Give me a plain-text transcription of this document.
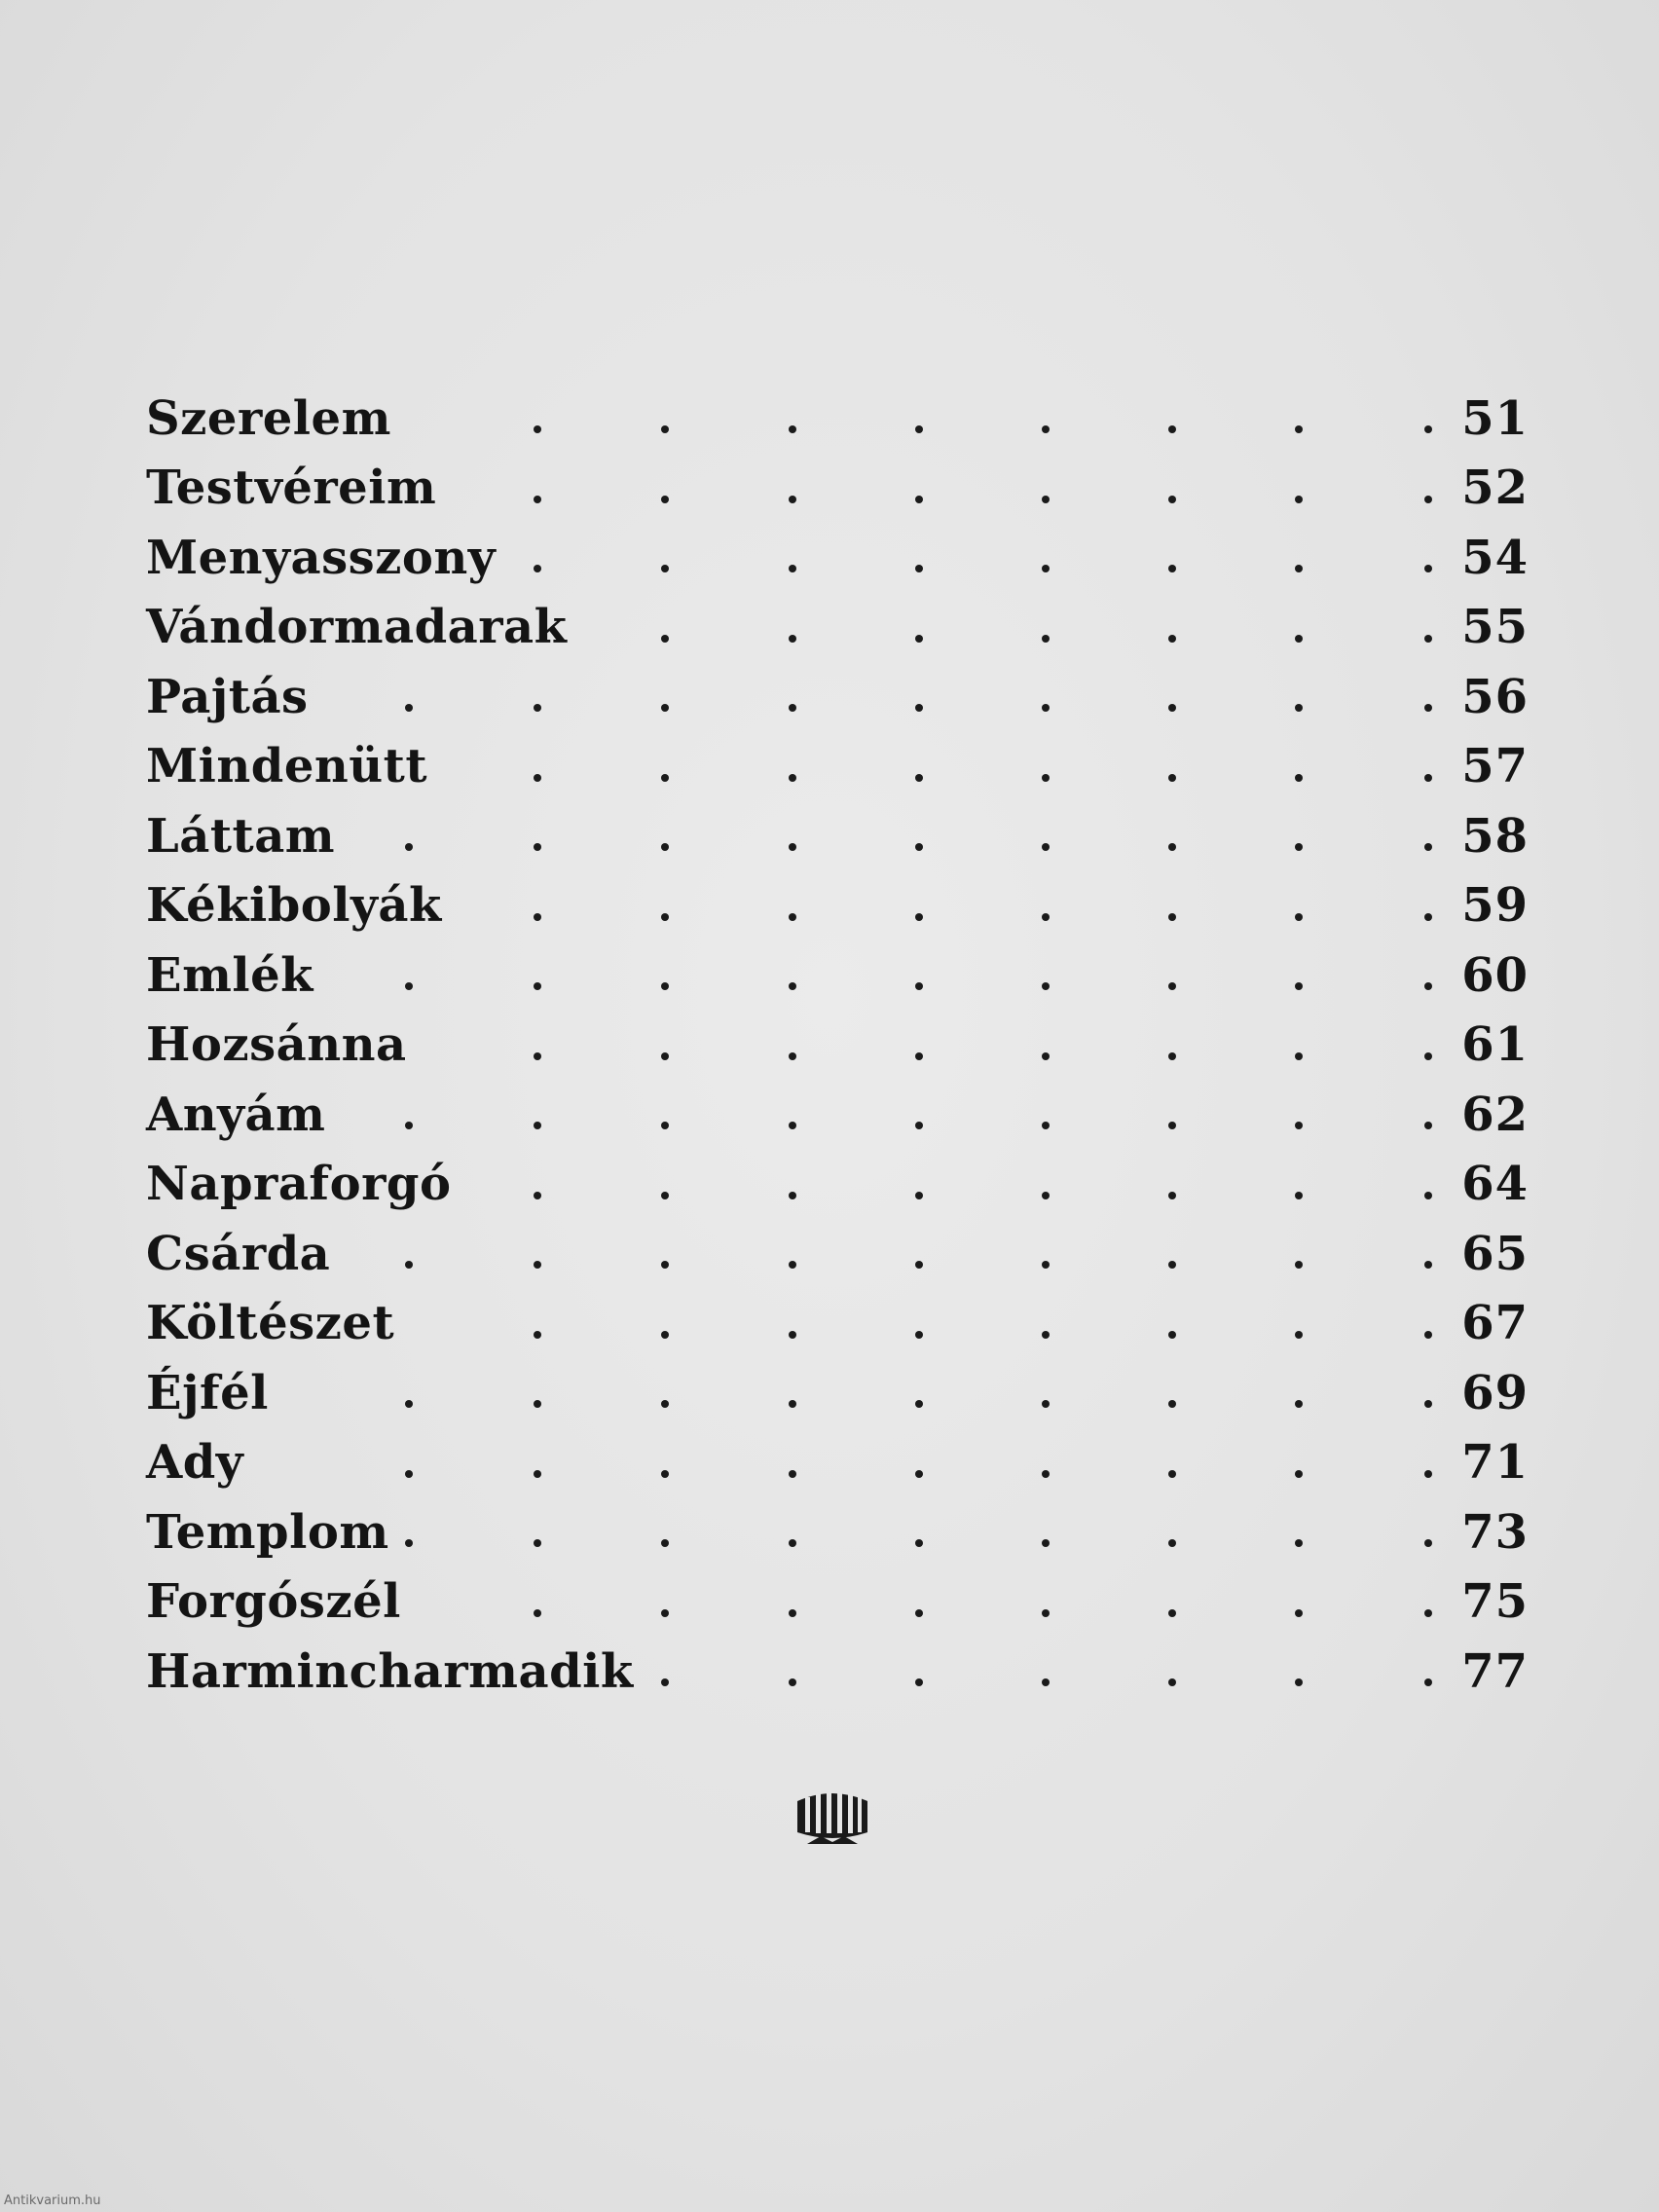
Szerelem	51
Testvéreim	52
Menyasszony	54
Vándormadarak	55
Pajtás	56
Mindenütt	57
Láttam	58
Kékibolyák	59
Emlék	60
Hozsánna	61
Anyám	62
Napraforgó	64
Csárda	65
Költészet	67
Éjfél	69
Ady	71
Templom	73
Forgószél	75
Harmincharmadik	77
Antikvarium.hu
